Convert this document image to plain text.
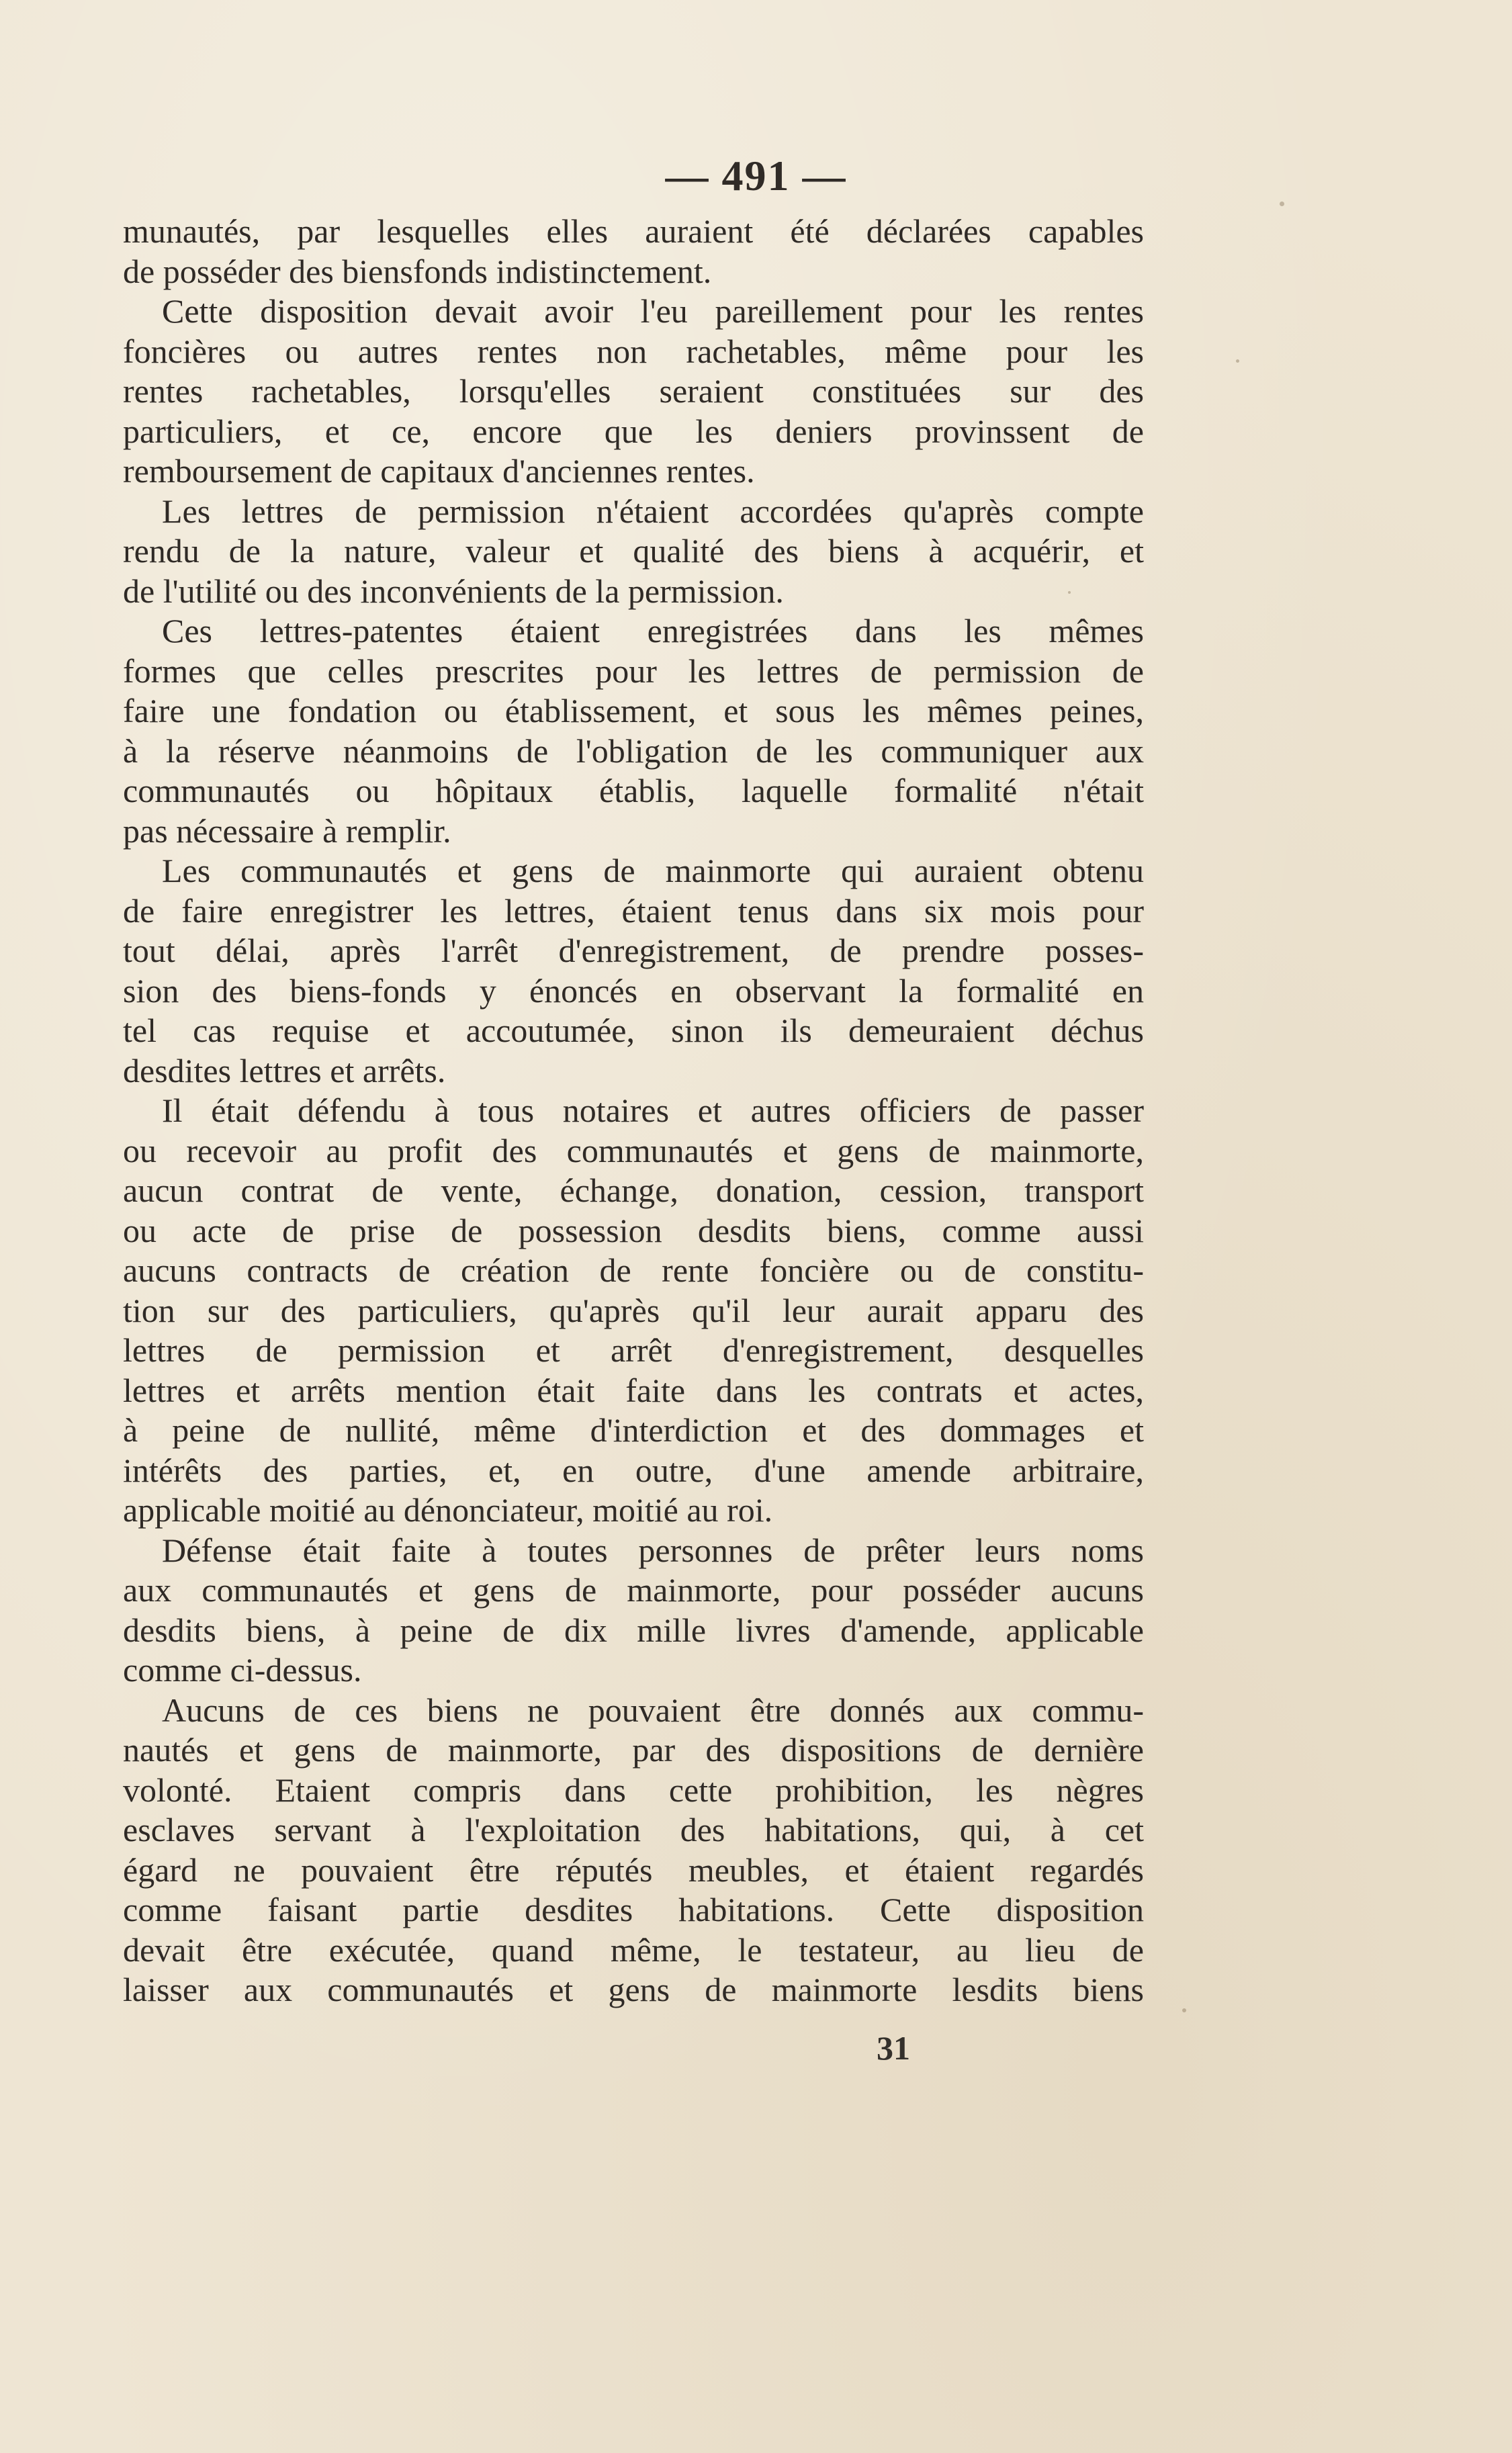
— 491 —
munautés, par lesquelles elles auraient été déclarées capables
de posséder des biensfonds indistinctement.
Cette disposition devait avoir l'eu pareillement pour les rentes
foncières ou autres rentes non rachetables, même pour les
rentes rachetables, lorsqu'elles seraient constituées sur des
particuliers, et ce, encore que les deniers provinssent de
remboursement de capitaux d'anciennes rentes.
Les lettres de permission n'étaient accordées qu'après compte
rendu de la nature, valeur et qualité des biens à acquérir, et
de l'utilité ou des inconvénients de la permission.
Ces lettres-patentes étaient enregistrées dans les mêmes
formes que celles prescrites pour les lettres de permission de
faire une fondation ou établissement, et sous les mêmes peines,
à la réserve néanmoins de l'obligation de les communiquer aux
communautés ou hôpitaux établis, laquelle formalité n'était
pas nécessaire à remplir.
Les communautés et gens de mainmorte qui auraient obtenu
de faire enregistrer les lettres, étaient tenus dans six mois pour
tout délai, après l'arrêt d'enregistrement, de prendre posses-
sion des biens-fonds y énoncés en observant la formalité en
tel cas requise et accoutumée, sinon ils demeuraient déchus
desdites lettres et arrêts.
Il était défendu à tous notaires et autres officiers de passer
ou recevoir au profit des communautés et gens de mainmorte,
aucun contrat de vente, échange, donation, cession, transport
ou acte de prise de possession desdits biens, comme aussi
aucuns contracts de création de rente foncière ou de constitu-
tion sur des particuliers, qu'après qu'il leur aurait apparu des
lettres de permission et arrêt d'enregistrement, desquelles
lettres et arrêts mention était faite dans les contrats et actes,
à peine de nullité, même d'interdiction et des dommages et
intérêts des parties, et, en outre, d'une amende arbitraire,
applicable moitié au dénonciateur, moitié au roi.
Défense était faite à toutes personnes de prêter leurs noms
aux communautés et gens de mainmorte, pour posséder aucuns
desdits biens, à peine de dix mille livres d'amende, applicable
comme ci-dessus.
Aucuns de ces biens ne pouvaient être donnés aux commu-
nautés et gens de mainmorte, par des dispositions de dernière
volonté. Etaient compris dans cette prohibition, les nègres
esclaves servant à l'exploitation des habitations, qui, à cet
égard ne pouvaient être réputés meubles, et étaient regardés
comme faisant partie desdites habitations. Cette disposition
devait être exécutée, quand même, le testateur, au lieu de
laisser aux communautés et gens de mainmorte lesdits biens
31
